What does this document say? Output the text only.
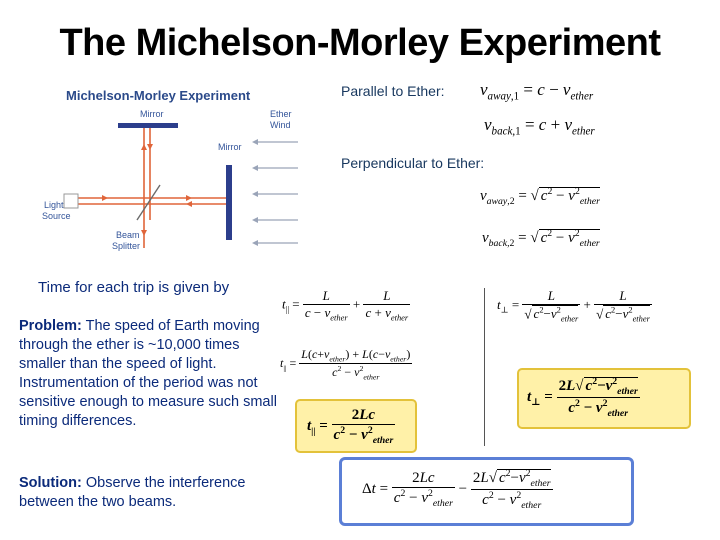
The Michelson-Morley Experiment
Michelson-Morley Experiment
Mirror
Mirror
Light
Source
Beam
Splitter
Ether
Wind
Parallel to Ether: $v_{away,1} = c - v_{ether}$
$v_{back,1} = c + v_{ether}$
Perpendicular to Ether:
$v_{away,2}$ = √ $c^2 - v^2_{ether}$
$v_{back,2}$ = √ $c^2 - v^2_{ether}$
Time for each trip is given by
Problem: The speed of Earth moving through the ether is ~10,000 times smaller than the speed of light. Instrumentation of the period was not sensitive enough to measure such small timing differences.
Solution: Observe the interference between the two beams.
$t_{||} = \frac{L}{c - v_{ether}} + \frac{L}{c + v_{ether}}$
$t_{||} = \frac{L(c+v_{ether}) + L(c-v_{ether})}{c^2 - v^2_{ether}}$
$t_{||} = \frac{2Lc}{c^2 - v^2_{ether}}$
$t_\perp = \frac{L}{√ c^2-v^2_{ether}} + \frac{L}{√ c^2-v^2_{ether}}$
$t_\perp = \frac{2L√ c^2-v^2_{ether}}{c^2 - v^2_{ether}}$
$\Delta t = \frac{2Lc}{c^2 - v^2_{ether}} - \frac{2L√ c^2-v^2_{ether}}{c^2 - v^2_{ether}}$
